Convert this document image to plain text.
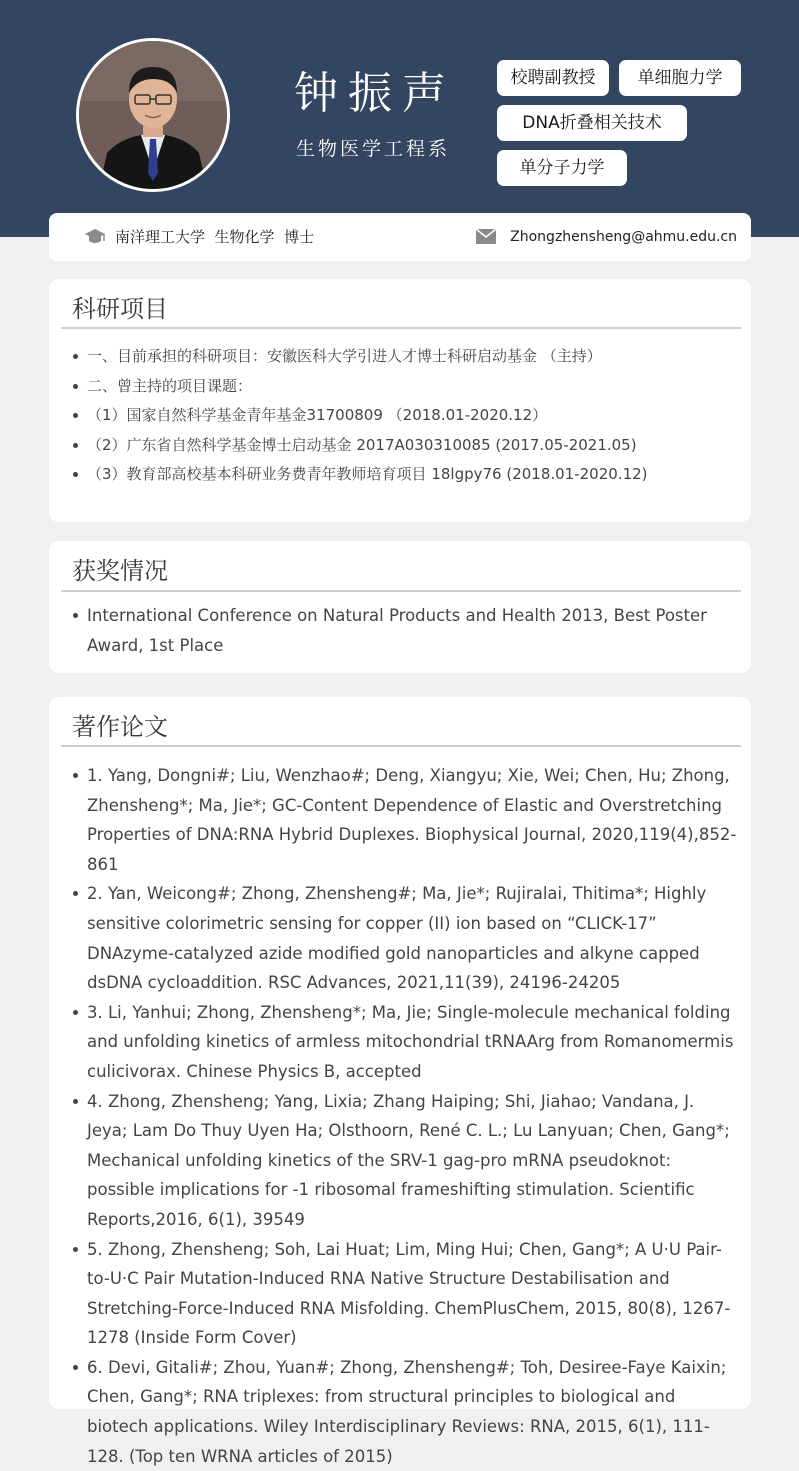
钟振声
生物医学工程系
校聘副教授	单细胞力学
DNA折叠相关技术
单分子力学
南洋理工大学  生物化学  博士	Zhongzhensheng@ahmu.edu.cn
科研项目
一、目前承担的科研项目：安徽医科大学引进人才博士科研启动基金 （主持）
二、曾主持的项目课题：
（1）国家自然科学基金青年基金31700809 （2018.01-2020.12）
（2）广东省自然科学基金博士启动基金 2017A030310085 (2017.05-2021.05)
（3）教育部高校基本科研业务费青年教师培育项目 18lgpy76 (2018.01-2020.12)
获奖情况
International Conference on Natural Products and Health 2013, Best Poster Award, 1st Place
著作论文
1. Yang, Dongni#; Liu, Wenzhao#; Deng, Xiangyu; Xie, Wei; Chen, Hu; Zhong, Zhensheng*; Ma, Jie*; GC-Content Dependence of Elastic and Overstretching Properties of DNA:RNA Hybrid Duplexes. Biophysical Journal, 2020,119(4),852-861
2. Yan, Weicong#; Zhong, Zhensheng#; Ma, Jie*; Rujiralai, Thitima*; Highly sensitive colorimetric sensing for copper (II) ion based on “CLICK-17” DNAzyme-catalyzed azide modified gold nanoparticles and alkyne capped dsDNA cycloaddition. RSC Advances, 2021,11(39), 24196-24205
3. Li, Yanhui; Zhong, Zhensheng*; Ma, Jie; Single-molecule mechanical folding and unfolding kinetics of armless mitochondrial tRNAArg from Romanomermis culicivorax. Chinese Physics B, accepted
4. Zhong, Zhensheng; Yang, Lixia; Zhang Haiping; Shi, Jiahao; Vandana, J. Jeya; Lam Do Thuy Uyen Ha; Olsthoorn, René C. L.; Lu Lanyuan; Chen, Gang*; Mechanical unfolding kinetics of the SRV-1 gag-pro mRNA pseudoknot: possible implications for -1 ribosomal frameshifting stimulation. Scientific Reports,2016, 6(1), 39549
5. Zhong, Zhensheng; Soh, Lai Huat; Lim, Ming Hui; Chen, Gang*; A U·U Pair-to-U·C Pair Mutation-Induced RNA Native Structure Destabilisation and Stretching-Force-Induced RNA Misfolding. ChemPlusChem, 2015, 80(8), 1267-1278 (Inside Form Cover)
6. Devi, Gitali#; Zhou, Yuan#; Zhong, Zhensheng#; Toh, Desiree-Faye Kaixin; Chen, Gang*; RNA triplexes: from structural principles to biological and biotech applications. Wiley Interdisciplinary Reviews: RNA, 2015, 6(1), 111-128. (Top ten WRNA articles of 2015)
